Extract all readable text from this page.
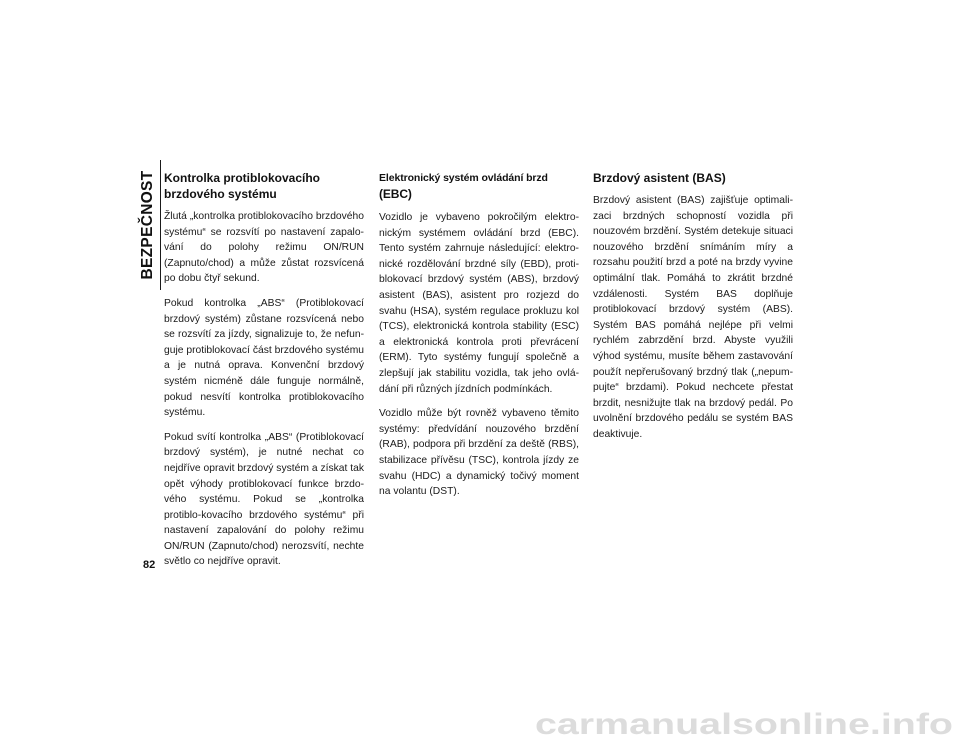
BEZPEČNOST Kontrolka protiblokovacího brzdového systému

Žlutá „kontrolka protiblokovacího brzdového systému“ se rozsvítí po nastavení zapalo-vání do polohy režimu ON/RUN (Zapnuto/chod) a může zůstat rozsvícená po dobu čtyř sekund.

Pokud kontrolka „ABS“ (Protiblokovací brzdový systém) zůstane rozsvícená nebo se rozsvítí za jízdy, signalizuje to, že nefun-guje protiblokovací část brzdového systému a je nutná oprava. Konvenční brzdový systém nicméně dále funguje normálně, pokud nesvítí kontrolka protiblokovacího systému.

Pokud svítí kontrolka „ABS“ (Protiblokovací brzdový systém), je nutné nechat co nejdříve opravit brzdový systém a získat tak opět výhody protiblokovací funkce brzdo-vého systému. Pokud se „kontrolka protiblo-kovacího brzdového systému“ při nastavení zapalování do polohy režimu ON/RUN (Zapnuto/chod) nerozsvítí, nechte světlo co nejdříve opravit.

Elektronický systém ovládání brzd (EBC)

Vozidlo je vybaveno pokročilým elektro-nickým systémem ovládání brzd (EBC). Tento systém zahrnuje následující: elektro-nické rozdělování brzdné síly (EBD), proti-blokovací brzdový systém (ABS), brzdový asistent (BAS), asistent pro rozjezd do svahu (HSA), systém regulace prokluzu kol (TCS), elektronická kontrola stability (ESC) a elektronická kontrola proti převrácení (ERM). Tyto systémy fungují společně a zlepšují jak stabilitu vozidla, tak jeho ovlá-dání při různých jízdních podmínkách.

Vozidlo může být rovněž vybaveno těmito systémy: předvídání nouzového brzdění (RAB), podpora při brzdění za deště (RBS), stabilizace přívěsu (TSC), kontrola jízdy ze svahu (HDC) a dynamický točivý moment na volantu (DST).

Brzdový asistent (BAS)

Brzdový asistent (BAS) zajišťuje optimali-zaci brzdných schopností vozidla při nouzovém brzdění. Systém detekuje situaci nouzového brzdění snímáním míry a rozsahu použití brzd a poté na brzdy vyvine optimální tlak. Pomáhá to zkrátit brzdné vzdálenosti. Systém BAS doplňuje protiblokovací brzdový systém (ABS). Systém BAS pomáhá nejlépe při velmi rychlém zabrzdění brzd. Abyste využili výhod systému, musíte během zastavování použít nepřerušovaný brzdný tlak („nepum-pujte“ brzdami). Pokud nechcete přestat brzdit, nesnižujte tlak na brzdový pedál. Po uvolnění brzdového pedálu se systém BAS deaktivuje.

82
carmanualsonline.info
